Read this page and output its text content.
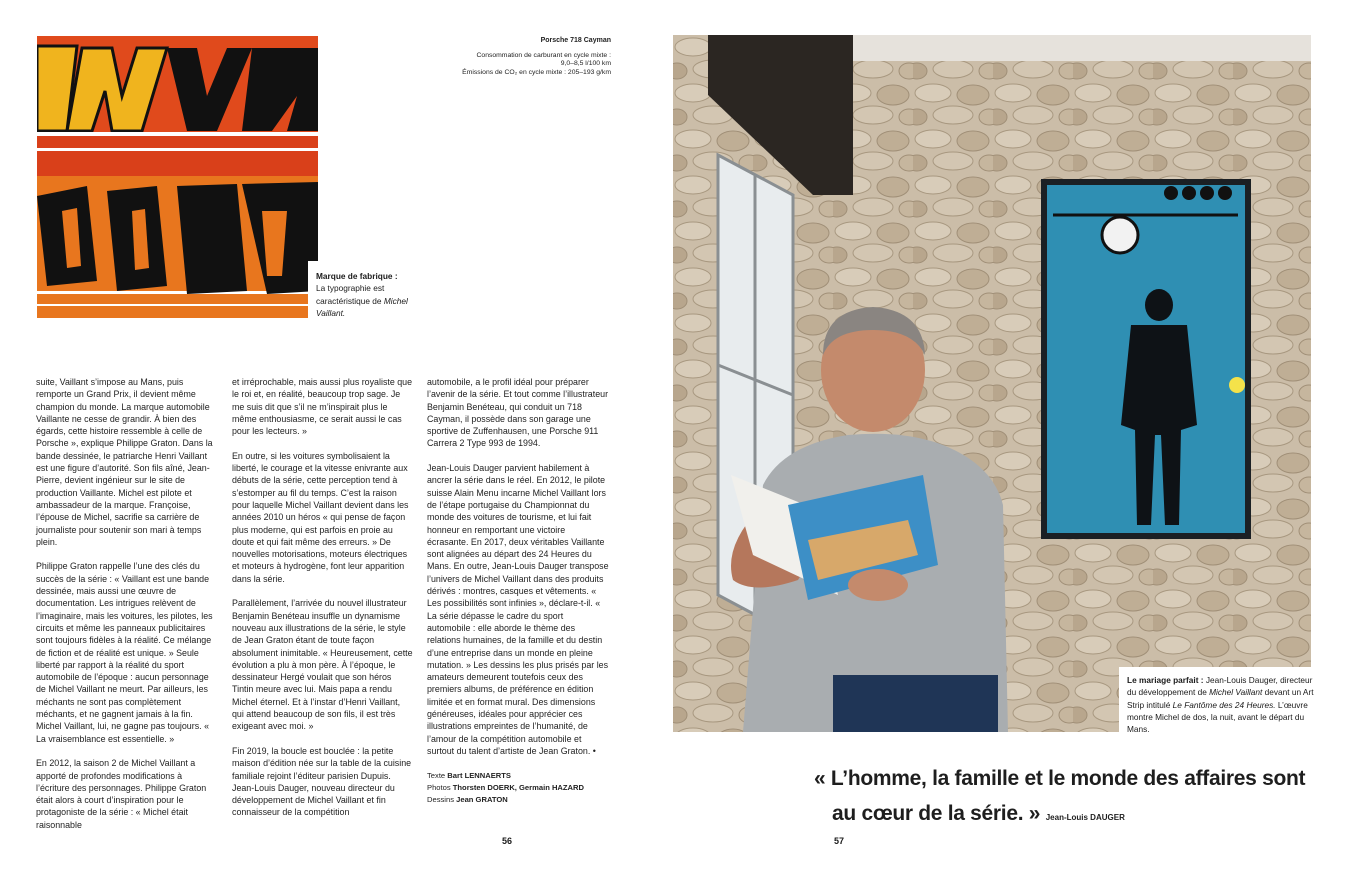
Marque de fabrique :
La typographie est caractéristique de Michel Vaillant.
Porsche 718 Cayman
Consommation de carburant en cycle mixte :
9,0–8,5 l/100 km
Émissions de CO₂ en cycle mixte : 205–193 g/km

suite, Vaillant s’impose au Mans, puis remporte un Grand Prix, il devient même champion du monde. La marque automobile Vaillante ne cesse de grandir. À bien des égards, cette histoire ressemble à celle de Porsche », explique Philippe Graton. Dans la bande dessinée, le patriarche Henri Vaillant est une figure d’autorité. Son fils aîné, Jean-Pierre, devient ingénieur sur le site de production Vaillante. Michel est pilote et ambassadeur de la marque. Françoise, l’épouse de Michel, sacrifie sa carrière de journaliste pour soutenir son mari à temps plein.

Philippe Graton rappelle l’une des clés du succès de la série : « Vaillant est une bande dessinée, mais aussi une œuvre de documentation. Les intrigues relèvent de l’imaginaire, mais les voitures, les pilotes, les circuits et même les panneaux publicitaires sont toujours fidèles à la réalité. Ce mélange de fiction et de réalité est unique. » Seule liberté par rapport à la réalité du sport automobile de l’époque : aucun personnage de Michel Vaillant ne meurt. Par ailleurs, les méchants ne sont pas complètement méchants, et ne gagnent jamais à la fin. Michel Vaillant, lui, ne gagne pas toujours. « La vraisemblance est essentielle. »

En 2012, la saison 2 de Michel Vaillant a apporté de profondes modifications à l’écriture des personnages. Philippe Graton était alors à court d’inspiration pour le protagoniste de la série : « Michel était raisonnable

et irréprochable, mais aussi plus royaliste que le roi et, en réalité, beaucoup trop sage. Je me suis dit que s’il ne m’inspirait plus le même enthousiasme, ce serait aussi le cas pour les lecteurs. »

En outre, si les voitures symbolisaient la liberté, le courage et la vitesse enivrante aux débuts de la série, cette perception tend à s’estomper au fil du temps. C’est la raison pour laquelle Michel Vaillant devient dans les années 2010 un héros « qui pense de façon plus moderne, qui est parfois en proie au doute et qui fait même des erreurs. » De nouvelles motorisations, moteurs électriques et moteurs à hydrogène, font leur apparition dans la série.

Parallèlement, l’arrivée du nouvel illustrateur Benjamin Benéteau insuffle un dynamisme nouveau aux illustrations de la série, le style de Jean Graton étant de toute façon absolument inimitable. « Heureusement, cette évolution a plu à mon père. À l’époque, le dessinateur Hergé voulait que son héros Tintin meure avec lui. Mais papa a rendu Michel éternel. Et à l’instar d’Henri Vaillant, qui attend beaucoup de son fils, il est très exigeant avec moi. »

Fin 2019, la boucle est bouclée : la petite maison d’édition née sur la table de la cuisine familiale rejoint l’éditeur parisien Dupuis. Jean-Louis Dauger, nouveau directeur du développement de Michel Vaillant et fin connaisseur de la compétition

automobile, a le profil idéal pour préparer l’avenir de la série. Et tout comme l’illustrateur Benjamin Benéteau, qui conduit un 718 Cayman, il possède dans son garage une sportive de Zuffenhausen, une Porsche 911 Carrera 2 Type 993 de 1994.

Jean-Louis Dauger parvient habilement à ancrer la série dans le réel. En 2012, le pilote suisse Alain Menu incarne Michel Vaillant lors de l’étape portugaise du Championnat du monde des voitures de tourisme, et lui fait honneur en remportant une victoire écrasante. En 2017, deux véritables Vaillante sont alignées au départ des 24 Heures du Mans. En outre, Jean-Louis Dauger transpose l’univers de Michel Vaillant dans des produits dérivés : montres, casques et vêtements. « Les possibilités sont infinies », déclare-t-il. « La série dépasse le cadre du sport automobile : elle aborde le thème des relations humaines, de la famille et du destin d’une entreprise dans un monde en pleine mutation. » Les dessins les plus prisés par les amateurs demeurent toutefois ceux des premiers albums, de préférence en édition limitée et en format mural. Des dimensions généreuses, idéales pour apprécier ces illustrations empreintes de l’humanité, de l’amour de la compétition automobile et surtout du talent d’artiste de Jean Graton. •

Texte Bart LENNAERTS
Photos Thorsten DOERK, Germain HAZARD
Dessins Jean GRATON
56
Le mariage parfait : Jean-Louis Dauger, directeur du développement de Michel Vaillant devant un Art Strip intitulé Le Fantôme des 24 Heures. L’œuvre montre Michel de dos, la nuit, avant le départ du Mans.
« L’homme, la famille et le monde des affaires sont
au cœur de la série. » Jean-Louis DAUGER
57
